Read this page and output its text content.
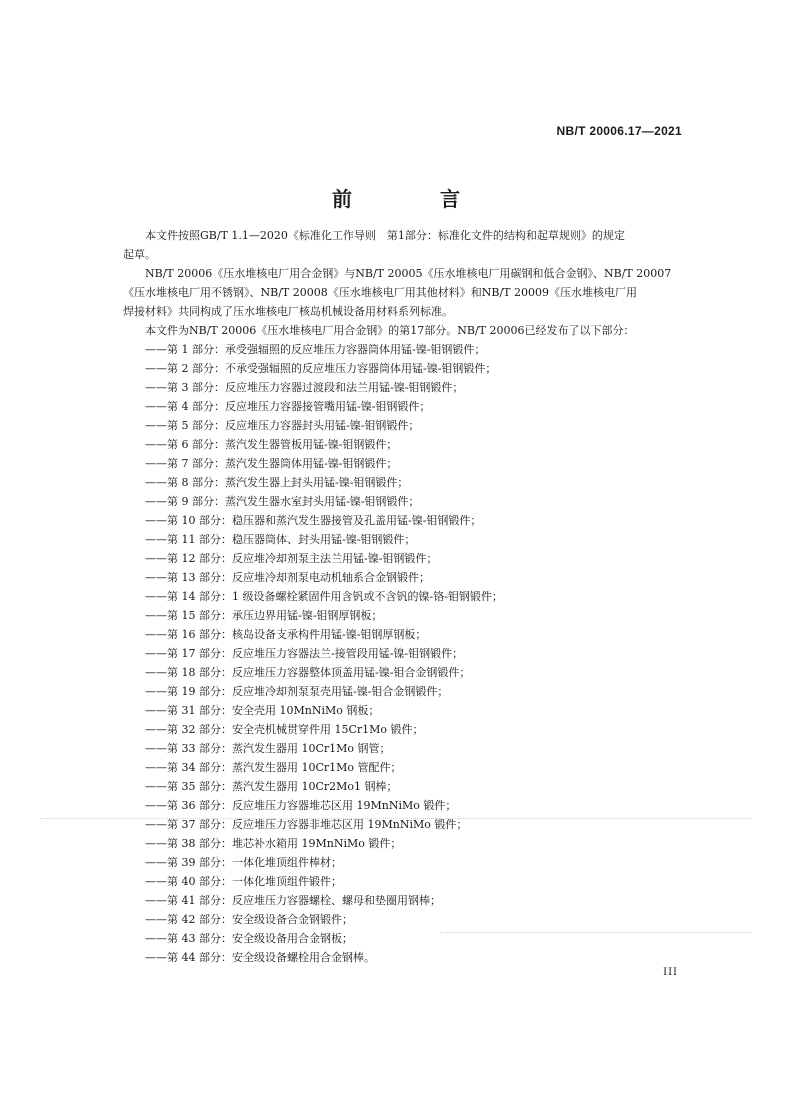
NB/T 20006.17—2021
前　言
本文件按照GB/T 1.1—2020《标准化工作导则　第1部分：标准化文件的结构和起草规则》的规定
起草。
NB/T 20006《压水堆核电厂用合金钢》与NB/T 20005《压水堆核电厂用碳钢和低合金钢》、NB/T 20007
《压水堆核电厂用不锈钢》、NB/T 20008《压水堆核电厂用其他材料》和NB/T 20009《压水堆核电厂用
焊接材料》共同构成了压水堆核电厂核岛机械设备用材料系列标准。
本文件为NB/T 20006《压水堆核电厂用合金钢》的第17部分。NB/T 20006已经发布了以下部分：
——第 1 部分：承受强辐照的反应堆压力容器筒体用锰-镍-钼钢锻件；
——第 2 部分：不承受强辐照的反应堆压力容器筒体用锰-镍-钼钢锻件；
——第 3 部分：反应堆压力容器过渡段和法兰用锰-镍-钼钢锻件；
——第 4 部分：反应堆压力容器接管嘴用锰-镍-钼钢锻件；
——第 5 部分：反应堆压力容器封头用锰-镍-钼钢锻件；
——第 6 部分：蒸汽发生器管板用锰-镍-钼钢锻件；
——第 7 部分：蒸汽发生器筒体用锰-镍-钼钢锻件；
——第 8 部分：蒸汽发生器上封头用锰-镍-钼钢锻件；
——第 9 部分：蒸汽发生器水室封头用锰-镍-钼钢锻件；
——第 10 部分：稳压器和蒸汽发生器接管及孔盖用锰-镍-钼钢锻件；
——第 11 部分：稳压器筒体、封头用锰-镍-钼钢锻件；
——第 12 部分：反应堆冷却剂泵主法兰用锰-镍-钼钢锻件；
——第 13 部分：反应堆冷却剂泵电动机轴系合金钢锻件；
——第 14 部分：1 级设备螺栓紧固件用含钒或不含钒的镍-铬-钼钢锻件；
——第 15 部分：承压边界用锰-镍-钼钢厚钢板；
——第 16 部分：核岛设备支承构件用锰-镍-钼钢厚钢板；
——第 17 部分：反应堆压力容器法兰-接管段用锰-镍-钼钢锻件；
——第 18 部分：反应堆压力容器整体顶盖用锰-镍-钼合金钢锻件；
——第 19 部分：反应堆冷却剂泵泵壳用锰-镍-钼合金钢锻件；
——第 31 部分：安全壳用 10MnNiMo 钢板；
——第 32 部分：安全壳机械贯穿件用 15Cr1Mo 锻件；
——第 33 部分：蒸汽发生器用 10Cr1Mo 钢管；
——第 34 部分：蒸汽发生器用 10Cr1Mo 管配件；
——第 35 部分：蒸汽发生器用 10Cr2Mo1 钢棒；
——第 36 部分：反应堆压力容器堆芯区用 19MnNiMo 锻件；
——第 37 部分：反应堆压力容器非堆芯区用 19MnNiMo 锻件；
——第 38 部分：堆芯补水箱用 19MnNiMo 锻件；
——第 39 部分：一体化堆顶组件棒材；
——第 40 部分：一体化堆顶组件锻件；
——第 41 部分：反应堆压力容器螺栓、螺母和垫圈用钢棒；
——第 42 部分：安全级设备合金钢锻件；
——第 43 部分：安全级设备用合金钢板；
——第 44 部分：安全级设备螺栓用合金钢棒。
III
